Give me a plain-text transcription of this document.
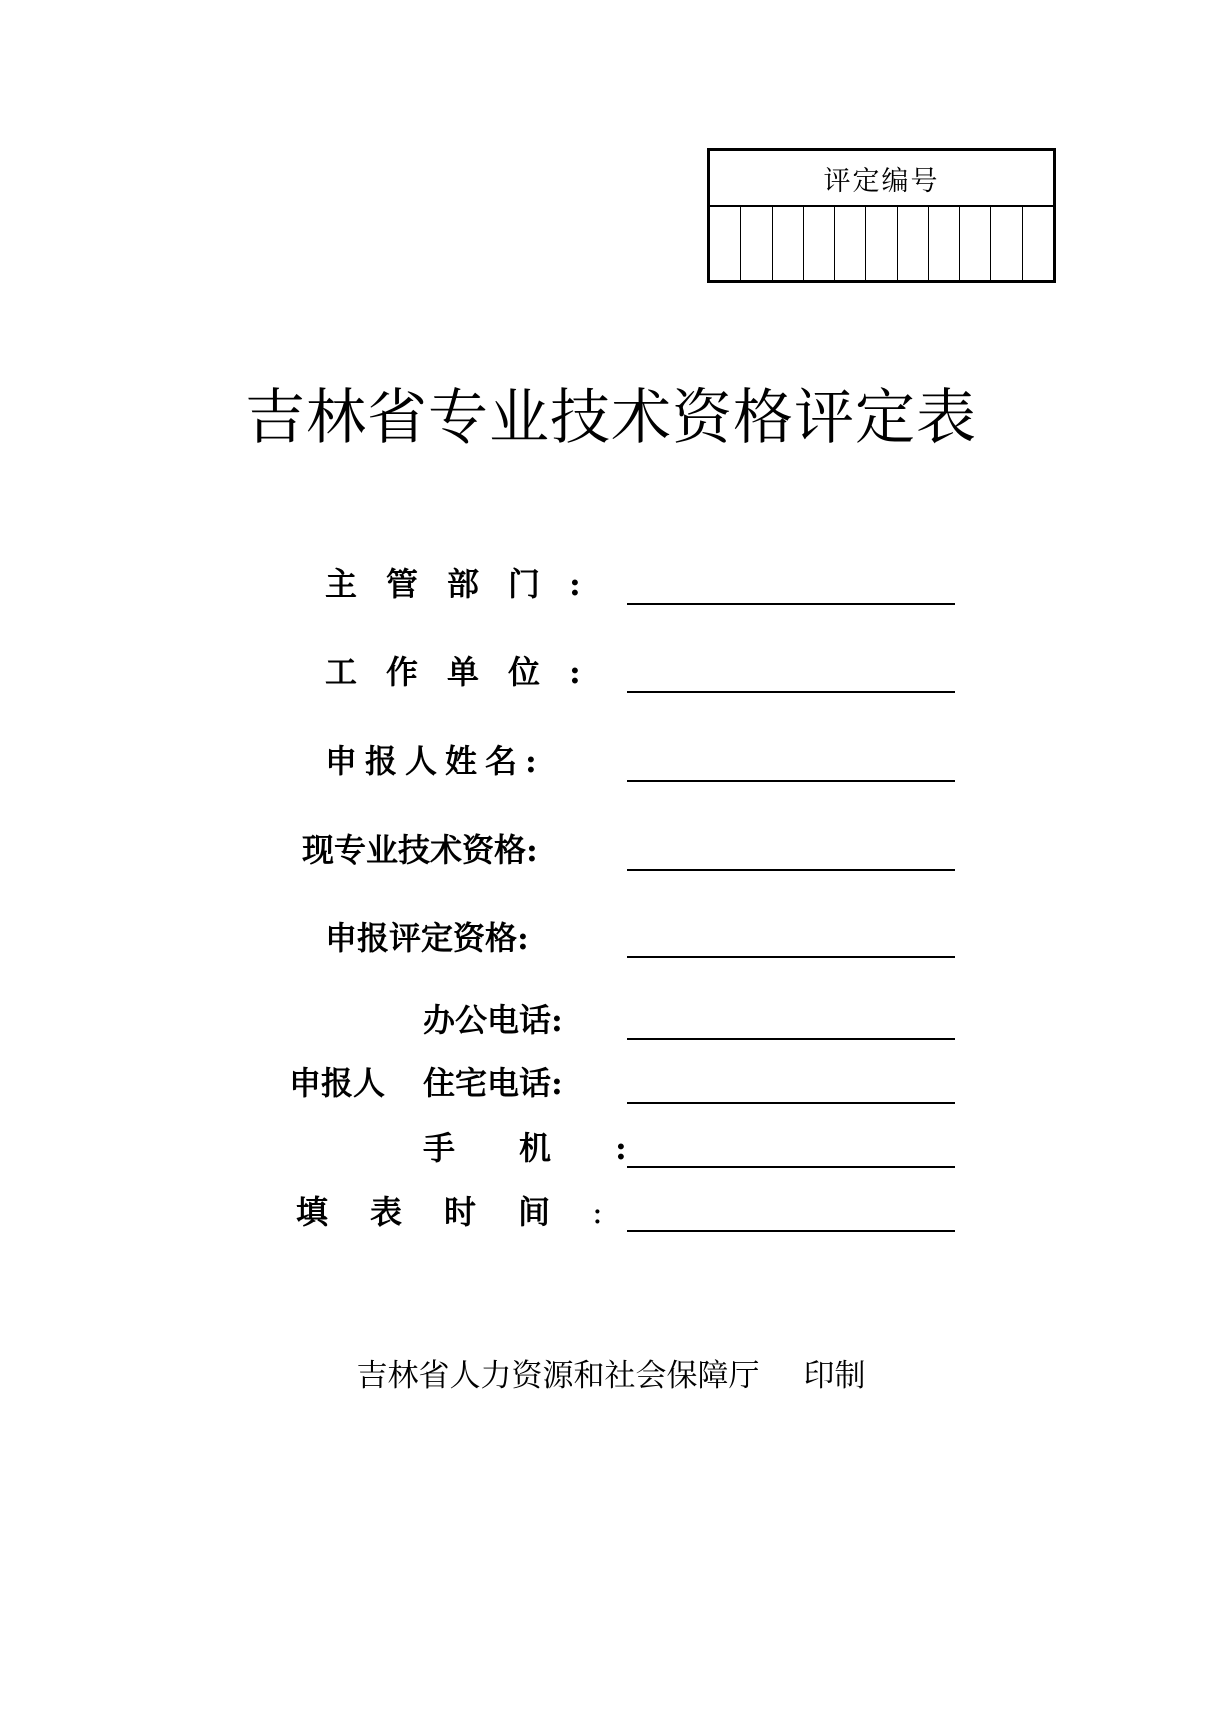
评定编号
吉林省专业技术资格评定表
主管部门:
工作单位:
申报人姓名:
现专业技术资格:
申报评定资格:
办公电话:
申报人 住宅电话:
手机:
填表时间:
吉林省人力资源和社会保障厅 印制
